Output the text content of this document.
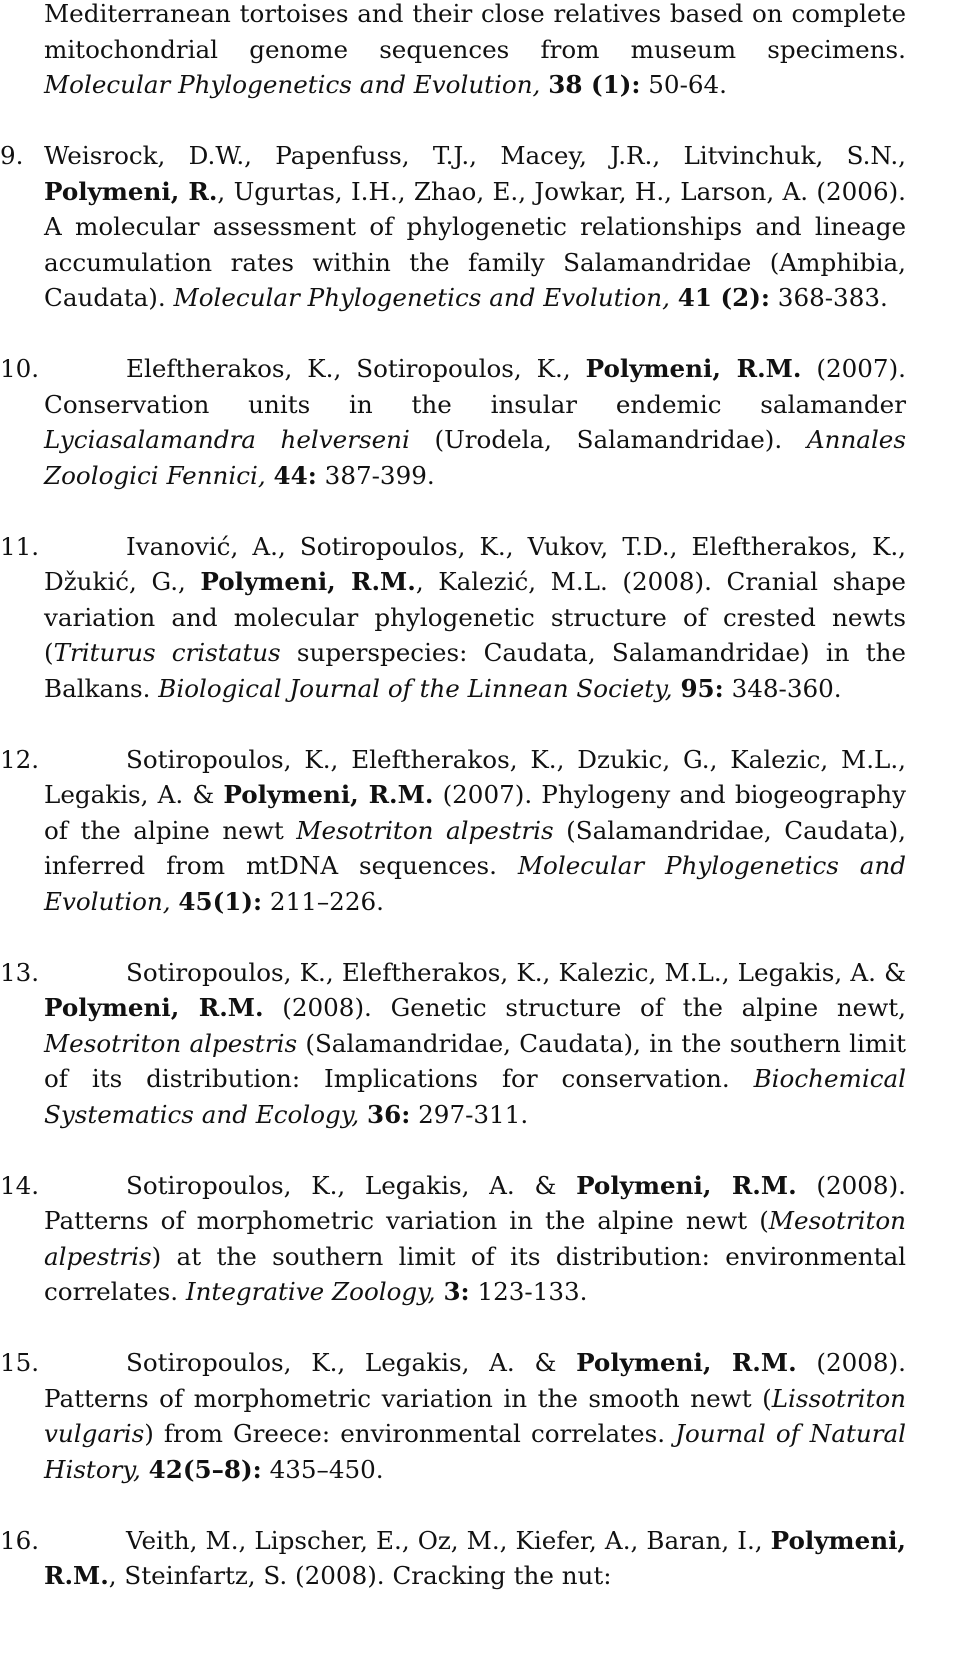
Mediterranean tortoises and their close relatives based on complete mitochondrial genome sequences from museum specimens. Molecular Phylogenetics and Evolution, 38 (1): 50-64.

9. Weisrock, D.W., Papenfuss, T.J., Macey, J.R., Litvinchuk, S.N., Polymeni, R., Ugurtas, I.H., Zhao, E., Jowkar, H., Larson, A. (2006). A molecular assessment of phylogenetic relationships and lineage accumulation rates within the family Salamandridae (Amphibia, Caudata). Molecular Phylogenetics and Evolution, 41 (2): 368-383.

10.	Eleftherakos, K., Sotiropoulos, K., Polymeni, R.M. (2007). Conservation units in the insular endemic salamander Lyciasalamandra helverseni (Urodela, Salamandridae). Annales Zoologici Fennici, 44: 387-399.

11.	Ivanović, A., Sotiropoulos, K., Vukov, T.D., Eleftherakos, K., Džukić, G., Polymeni, R.M., Kalezić, M.L. (2008). Cranial shape variation and molecular phylogenetic structure of crested newts (Triturus cristatus superspecies: Caudata, Salamandridae) in the Balkans. Biological Journal of the Linnean Society, 95: 348-360.

12.	Sotiropoulos, K., Eleftherakos, K., Dzukic, G., Kalezic, M.L., Legakis, A. & Polymeni, R.M. (2007). Phylogeny and biogeography of the alpine newt Mesotriton alpestris (Salamandridae, Caudata), inferred from mtDNA sequences. Molecular Phylogenetics and Evolution, 45(1): 211–226.

13.	Sotiropoulos, K., Eleftherakos, K., Kalezic, M.L., Legakis, A. & Polymeni, R.M. (2008). Genetic structure of the alpine newt, Mesotriton alpestris (Salamandridae, Caudata), in the southern limit of its distribution: Implications for conservation. Biochemical Systematics and Ecology, 36: 297-311.

14.	Sotiropoulos, K., Legakis, A. & Polymeni, R.M. (2008). Patterns of morphometric variation in the alpine newt (Mesotriton alpestris) at the southern limit of its distribution: environmental correlates. Integrative Zoology, 3: 123-133.

15.	Sotiropoulos, K., Legakis, A. & Polymeni, R.M. (2008). Patterns of morphometric variation in the smooth newt (Lissotriton vulgaris) from Greece: environmental correlates. Journal of Natural History, 42(5–8): 435–450.

16.	Veith, M., Lipscher, E., Oz, M., Kiefer, A., Baran, I., Polymeni, R.M., Steinfartz, S. (2008). Cracking the nut:
